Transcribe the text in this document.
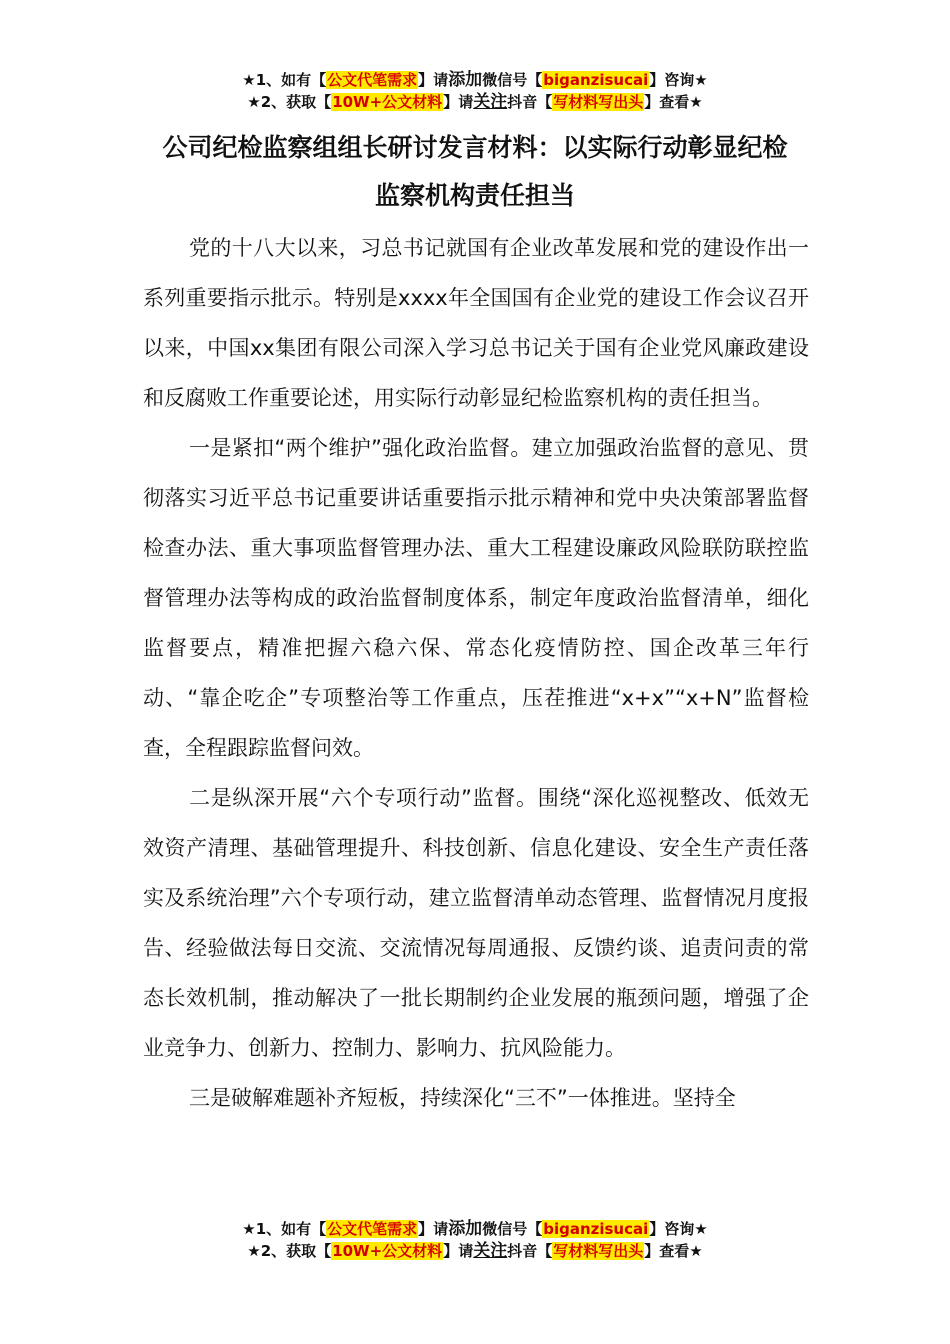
★1、如有【公文代笔需求】请添加微信号【biganzisucai】咨询★
★2、获取【10W+公文材料】请关注抖音【写材料写出头】查看★
公司纪检监察组组长研讨发言材料：以实际行动彰显纪检
监察机构责任担当

党的十八大以来，习总书记就国有企业改革发展和党的建设作出一系列重要指示批示。特别是xxxx年全国国有企业党的建设工作会议召开以来，中国xx集团有限公司深入学习总书记关于国有企业党风廉政建设和反腐败工作重要论述，用实际行动彰显纪检监察机构的责任担当。

一是紧扣“两个维护”强化政治监督。建立加强政治监督的意见、贯彻落实习近平总书记重要讲话重要指示批示精神和党中央决策部署监督检查办法、重大事项监督管理办法、重大工程建设廉政风险联防联控监督管理办法等构成的政治监督制度体系，制定年度政治监督清单，细化监督要点，精准把握六稳六保、常态化疫情防控、国企改革三年行动、“靠企吃企”专项整治等工作重点，压茬推进“x+x”“x+N”监督检查，全程跟踪监督问效。

二是纵深开展“六个专项行动”监督。围绕“深化巡视整改、低效无效资产清理、基础管理提升、科技创新、信息化建设、安全生产责任落实及系统治理”六个专项行动，建立监督清单动态管理、监督情况月度报告、经验做法每日交流、交流情况每周通报、反馈约谈、追责问责的常态长效机制，推动解决了一批长期制约企业发展的瓶颈问题，增强了企业竞争力、创新力、控制力、影响力、抗风险能力。

三是破解难题补齐短板，持续深化“三不”一体推进。坚持全

★1、如有【公文代笔需求】请添加微信号【biganzisucai】咨询★
★2、获取【10W+公文材料】请关注抖音【写材料写出头】查看★
